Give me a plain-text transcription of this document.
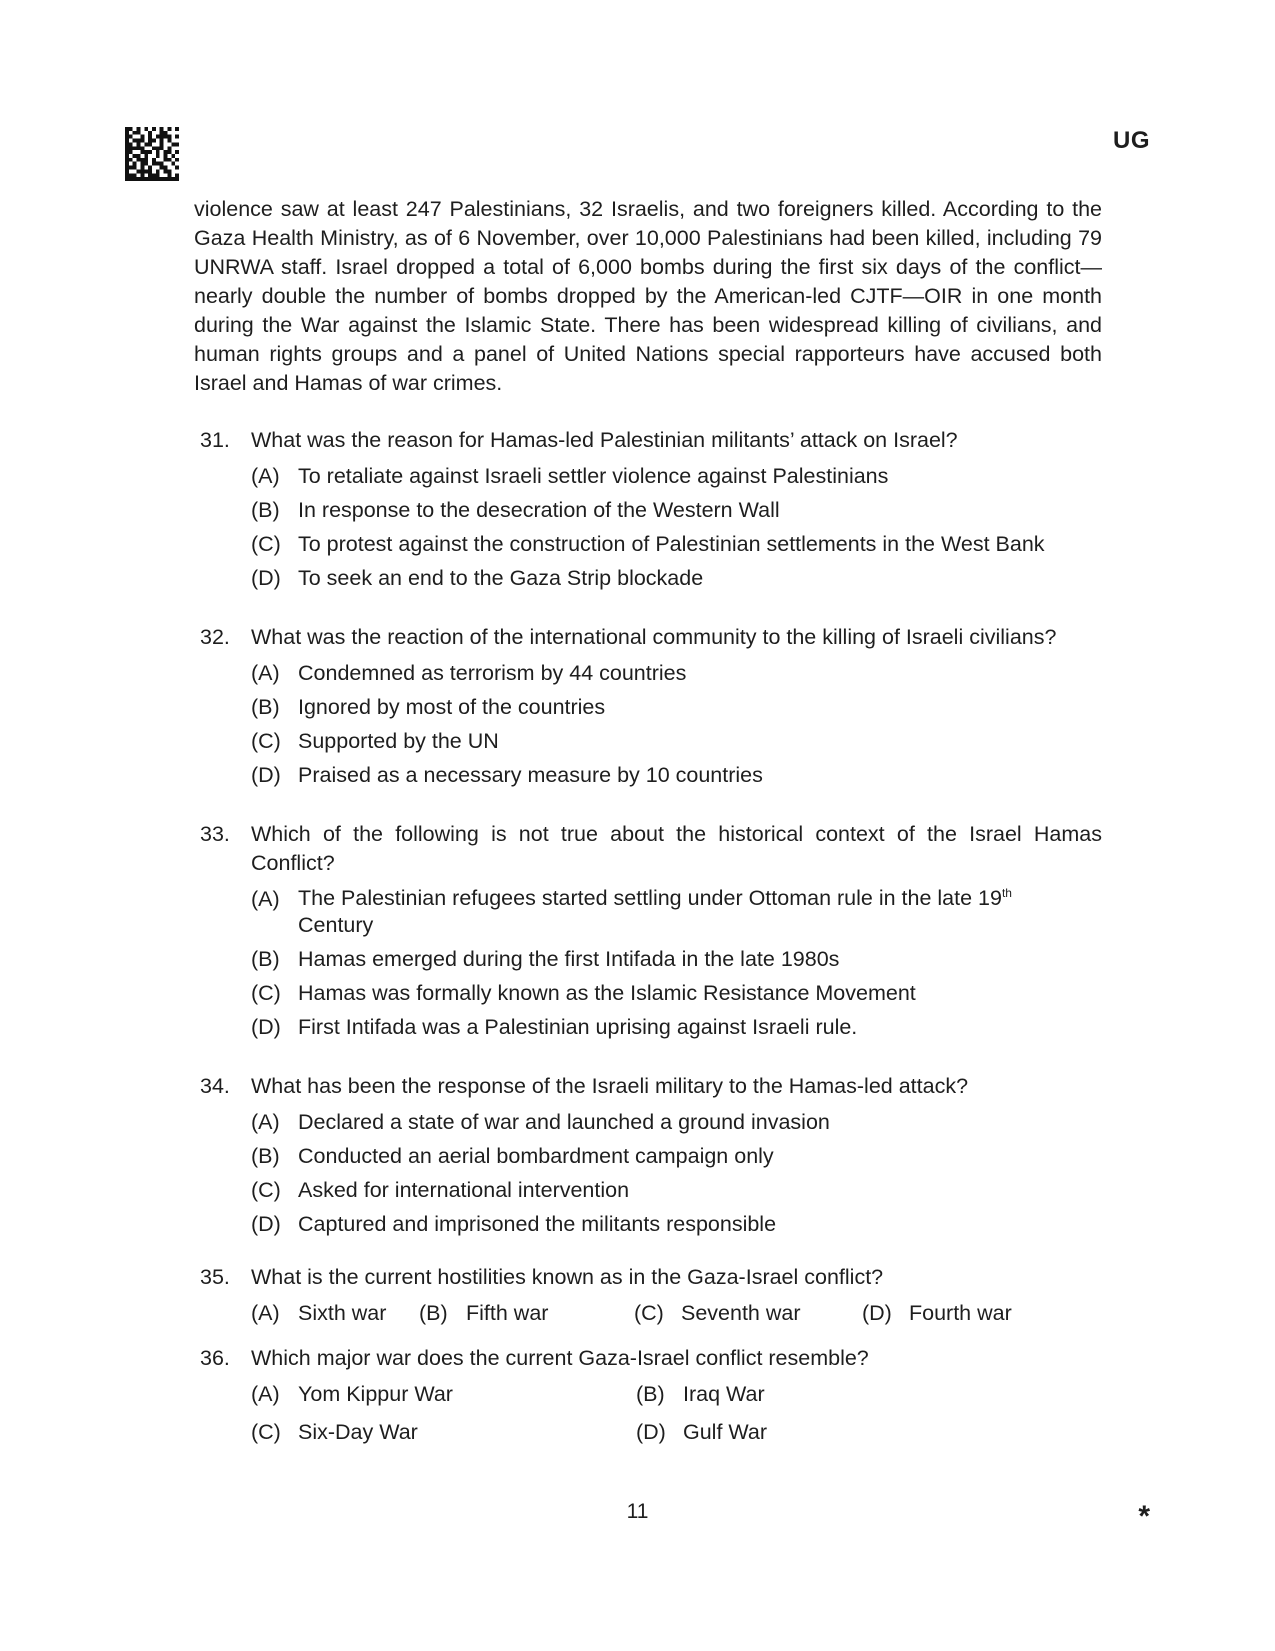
UG

violence saw at least 247 Palestinians, 32 Israelis, and two foreigners killed. According to the Gaza Health Ministry, as of 6 November, over 10,000 Palestinians had been killed, including 79 UNRWA staff. Israel dropped a total of 6,000 bombs during the first six days of the conflict—nearly double the number of bombs dropped by the American-led CJTF—OIR in one month during the War against the Islamic State. There has been widespread killing of civilians, and human rights groups and a panel of United Nations special rapporteurs have accused both Israel and Hamas of war crimes.

31. What was the reason for Hamas-led Palestinian militants’ attack on Israel?
(A) To retaliate against Israeli settler violence against Palestinians
(B) In response to the desecration of the Western Wall
(C) To protest against the construction of Palestinian settlements in the West Bank
(D) To seek an end to the Gaza Strip blockade
32. What was the reaction of the international community to the killing of Israeli civilians?
(A) Condemned as terrorism by 44 countries
(B) Ignored by most of the countries
(C) Supported by the UN
(D) Praised as a necessary measure by 10 countries
33. Which of the following is not true about the historical context of the Israel Hamas Conflict?
(A) The Palestinian refugees started settling under Ottoman rule in the late 19th Century
(B) Hamas emerged during the first Intifada in the late 1980s
(C) Hamas was formally known as the Islamic Resistance Movement
(D) First Intifada was a Palestinian uprising against Israeli rule.
34. What has been the response of the Israeli military to the Hamas-led attack?
(A) Declared a state of war and launched a ground invasion
(B) Conducted an aerial bombardment campaign only
(C) Asked for international intervention
(D) Captured and imprisoned the militants responsible
35. What is the current hostilities known as in the Gaza-Israel conflict?
(A) Sixth war	(B) Fifth war	(C) Seventh war	(D) Fourth war
36. Which major war does the current Gaza-Israel conflict resemble?
(A) Yom Kippur War	(B) Iraq War
(C) Six-Day War	(D) Gulf War
11	*
